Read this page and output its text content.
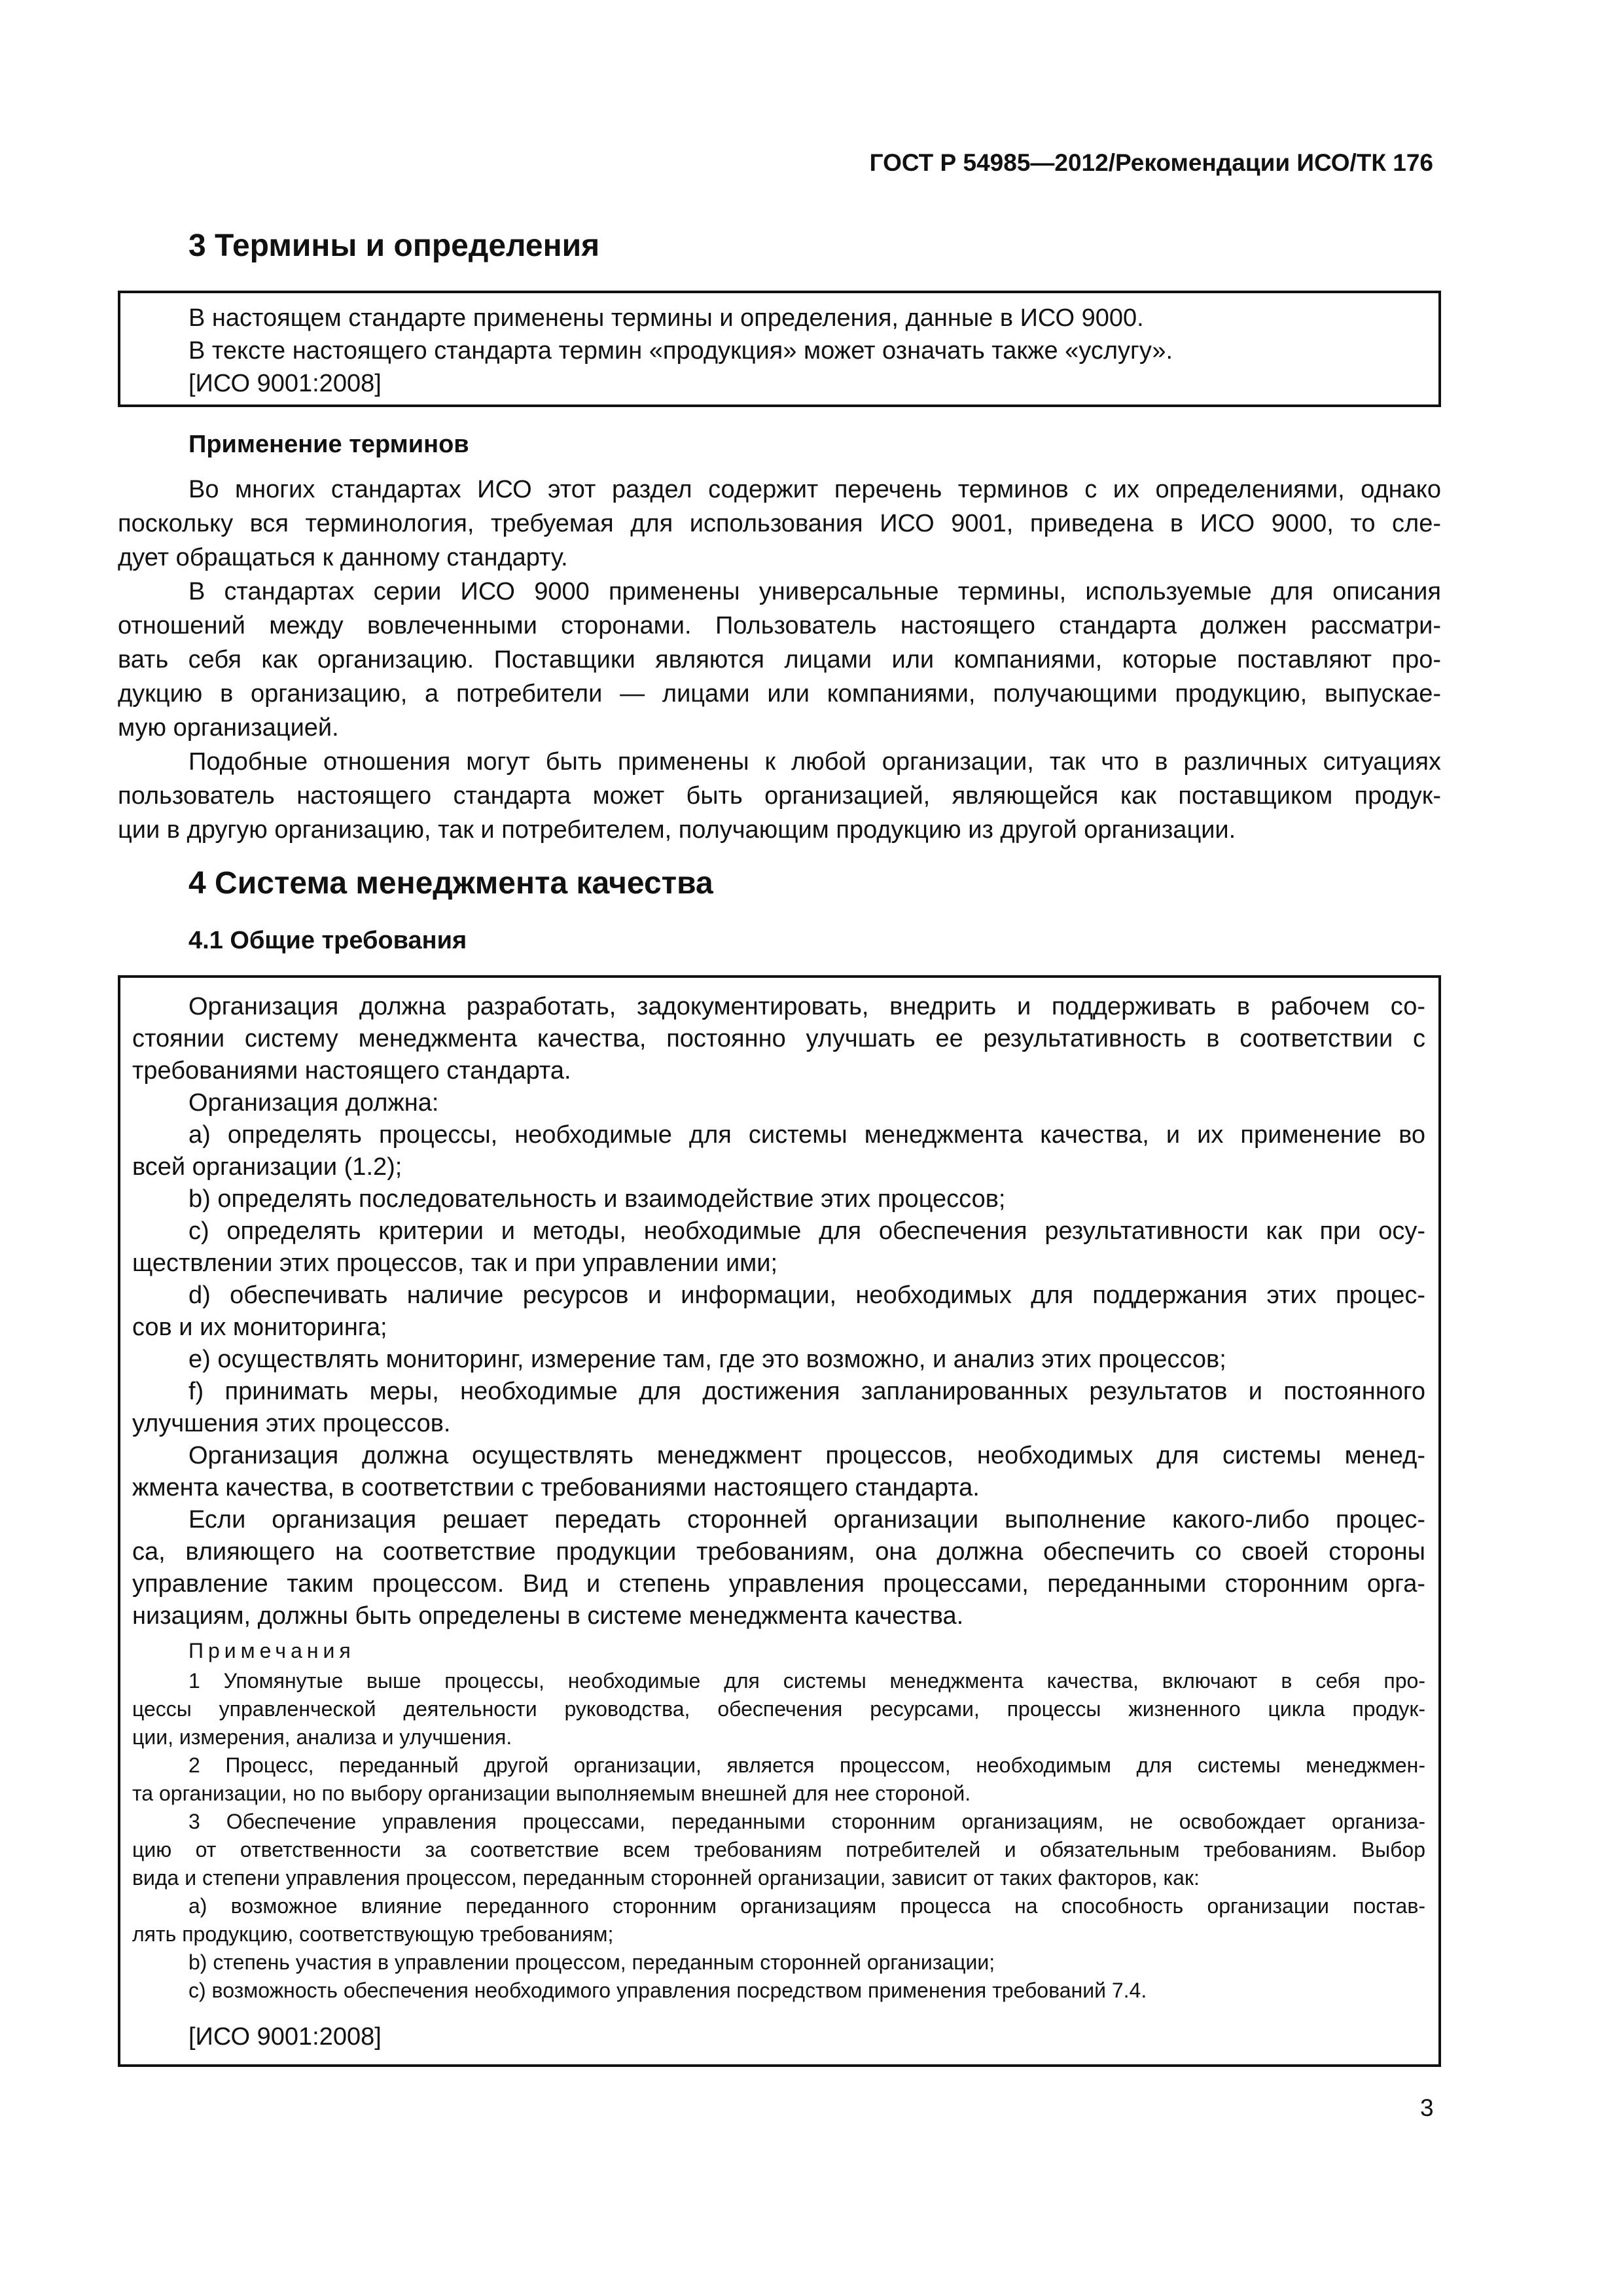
ГОСТ Р 54985—2012/Рекомендации ИСО/ТК 176
3 Термины и определения
В настоящем стандарте применены термины и определения, данные в ИСО 9000.
В тексте настоящего стандарта термин «продукция» может означать также «услугу».
[ИСО 9001:2008]
Применение терминов
Во многих стандартах ИСО этот раздел содержит перечень терминов с их определениями, однако
поскольку вся терминология, требуемая для использования ИСО 9001, приведена в ИСО 9000, то сле-
дует обращаться к данному стандарту.
В стандартах серии ИСО 9000 применены универсальные термины, используемые для описания
отношений между вовлеченными сторонами. Пользователь настоящего стандарта должен рассматри-
вать себя как организацию. Поставщики являются лицами или компаниями, которые поставляют про-
дукцию в организацию, а потребители — лицами или компаниями, получающими продукцию, выпускае-
мую организацией.
Подобные отношения могут быть применены к любой организации, так что в различных ситуациях
пользователь настоящего стандарта может быть организацией, являющейся как поставщиком продук-
ции в другую организацию, так и потребителем, получающим продукцию из другой организации.
4 Система менеджмента качества
4.1 Общие требования
Организация должна разработать, задокументировать, внедрить и поддерживать в рабочем со-
стоянии систему менеджмента качества, постоянно улучшать ее результативность в соответствии с
требованиями настоящего стандарта.
Организация должна:
a) определять процессы, необходимые для системы менеджмента качества, и их применение во
всей организации (1.2);
b) определять последовательность и взаимодействие этих процессов;
c) определять критерии и методы, необходимые для обеспечения результативности как при осу-
ществлении этих процессов, так и при управлении ими;
d) обеспечивать наличие ресурсов и информации, необходимых для поддержания этих процес-
сов и их мониторинга;
e) осуществлять мониторинг, измерение там, где это возможно, и анализ этих процессов;
f) принимать меры, необходимые для достижения запланированных результатов и постоянного
улучшения этих процессов.
Организация должна осуществлять менеджмент процессов, необходимых для системы менед-
жмента качества, в соответствии с требованиями настоящего стандарта.
Если организация решает передать сторонней организации выполнение какого-либо процес-
са, влияющего на соответствие продукции требованиям, она должна обеспечить со своей стороны
управление таким процессом. Вид и степень управления процессами, переданными сторонним орга-
низациям, должны быть определены в системе менеджмента качества.
Примечания
1 Упомянутые выше процессы, необходимые для системы менеджмента качества, включают в себя про-
цессы управленческой деятельности руководства, обеспечения ресурсами, процессы жизненного цикла продук-
ции, измерения, анализа и улучшения.
2 Процесс, переданный другой организации, является процессом, необходимым для системы менеджмен-
та организации, но по выбору организации выполняемым внешней для нее стороной.
3 Обеспечение управления процессами, переданными сторонним организациям, не освобождает организа-
цию от ответственности за соответствие всем требованиям потребителей и обязательным требованиям. Выбор
вида и степени управления процессом, переданным сторонней организации, зависит от таких факторов, как:
a) возможное влияние переданного сторонним организациям процесса на способность организации постав-
лять продукцию, соответствующую требованиям;
b) степень участия в управлении процессом, переданным сторонней организации;
c) возможность обеспечения необходимого управления посредством применения требований 7.4.
[ИСО 9001:2008]
3
